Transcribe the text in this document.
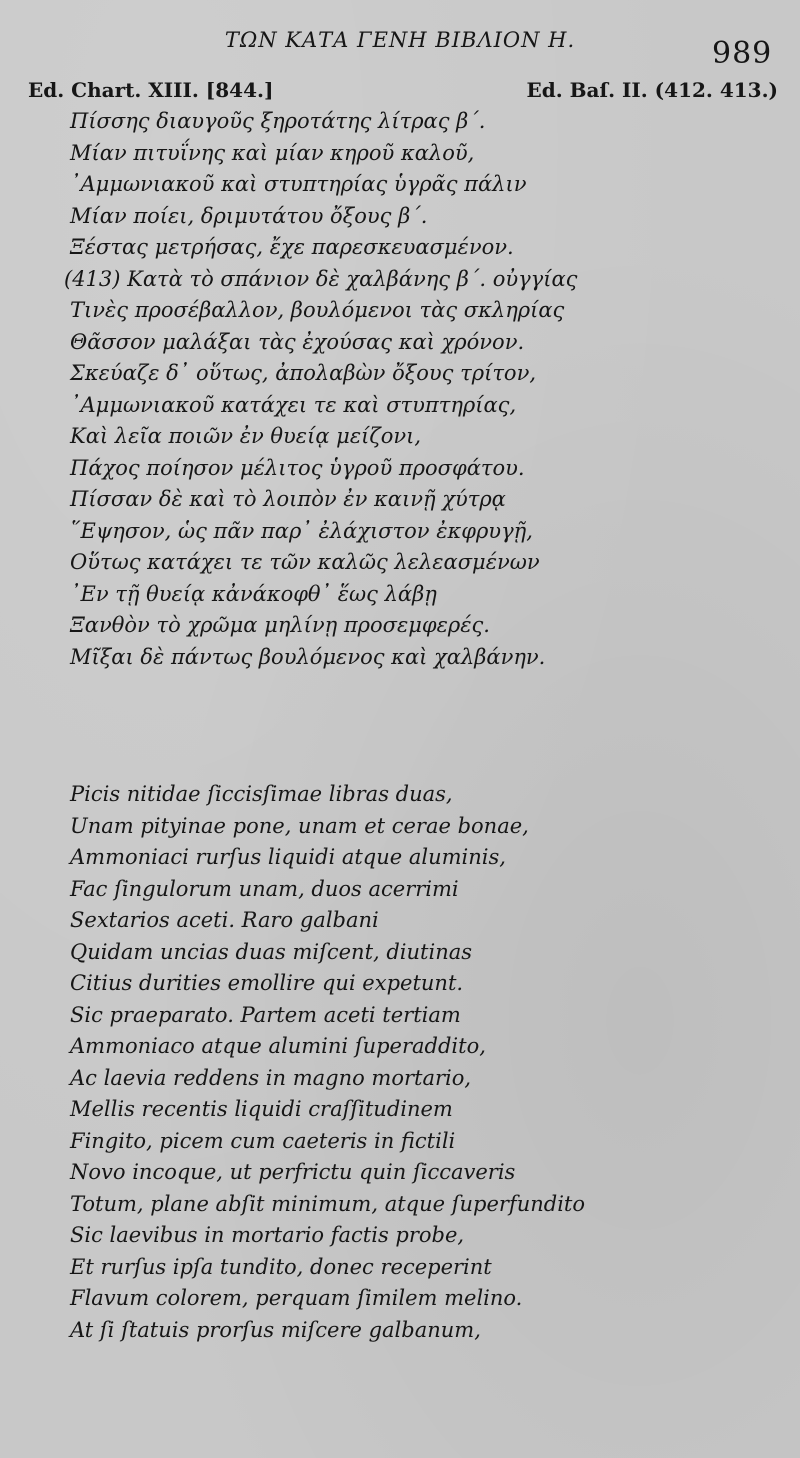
ΤΩΝ ΚΑΤΑ ΓΕΝΗ ΒΙΒΛΙΟΝ Η.	989
Ed. Chart. XIII. [844.]	Ed. Baſ. II. (412. 413.)
Πίσσης διαυγοῦς ξηροτάτης λίτρας β΄.
Μίαν πιτυΐνης καὶ μίαν κηροῦ καλοῦ,
᾽Αμμωνιακοῦ καὶ στυπτηρίας ὑγρᾶς πάλιν
Μίαν ποίει, δριμυτάτου ὄξους β΄.
Ξέστας μετρήσας, ἔχε παρεσκευασμένον.
(413) Κατὰ τὸ σπάνιον δὲ χαλβάνης β΄. οὐγγίας
Τινὲς προσέβαλλον, βουλόμενοι τὰς σκληρίας
Θᾶσσον μαλάξαι τὰς ἐχούσας καὶ χρόνον.
Σκεύαζε δ᾽ οὕτως, ἀπολαβὼν ὄξους τρίτον,
᾽Αμμωνιακοῦ κατάχει τε καὶ στυπτηρίας,
Καὶ λεῖα ποιῶν ἐν θυείᾳ μείζονι,
Πάχος ποίησον μέλιτος ὑγροῦ προσφάτου.
Πίσσαν δὲ καὶ τὸ λοιπὸν ἐν καινῇ χύτρᾳ
῞Εψησον, ὡς πᾶν παρ᾽ ἐλάχιστον ἐκφρυγῇ,
Οὕτως κατάχει τε τῶν καλῶς λελεασμένων
᾽Εν τῇ θυείᾳ κἀνάκοφθ᾽ ἕως λάβῃ
Ξανθὸν τὸ χρῶμα μηλίνῃ προσεμφερές.
Μῖξαι δὲ πάντως βουλόμενος καὶ χαλβάνην.
Picis nitidae ſiccisſimae libras duas,
Unam pityinae pone, unam et cerae bonae,
Ammoniaci rurſus liquidi atque aluminis,
Fac ſingulorum unam, duos acerrimi
Sextarios aceti. Raro galbani
Quidam uncias duas miſcent, diutinas
Citius durities emollire qui expetunt.
Sic praeparato. Partem aceti tertiam
Ammoniaco atque alumini ſuperaddito,
Ac laevia reddens in magno mortario,
Mellis recentis liquidi craſſitudinem
Fingito, picem cum caeteris in fictili
Novo incoque, ut perfrictu quin ſiccaveris
Totum, plane abſit minimum, atque ſuperfundito
Sic laevibus in mortario factis probe,
Et rurſus ipſa tundito, donec receperint
Flavum colorem, perquam ſimilem melino.
At ſi ſtatuis prorſus miſcere galbanum,
